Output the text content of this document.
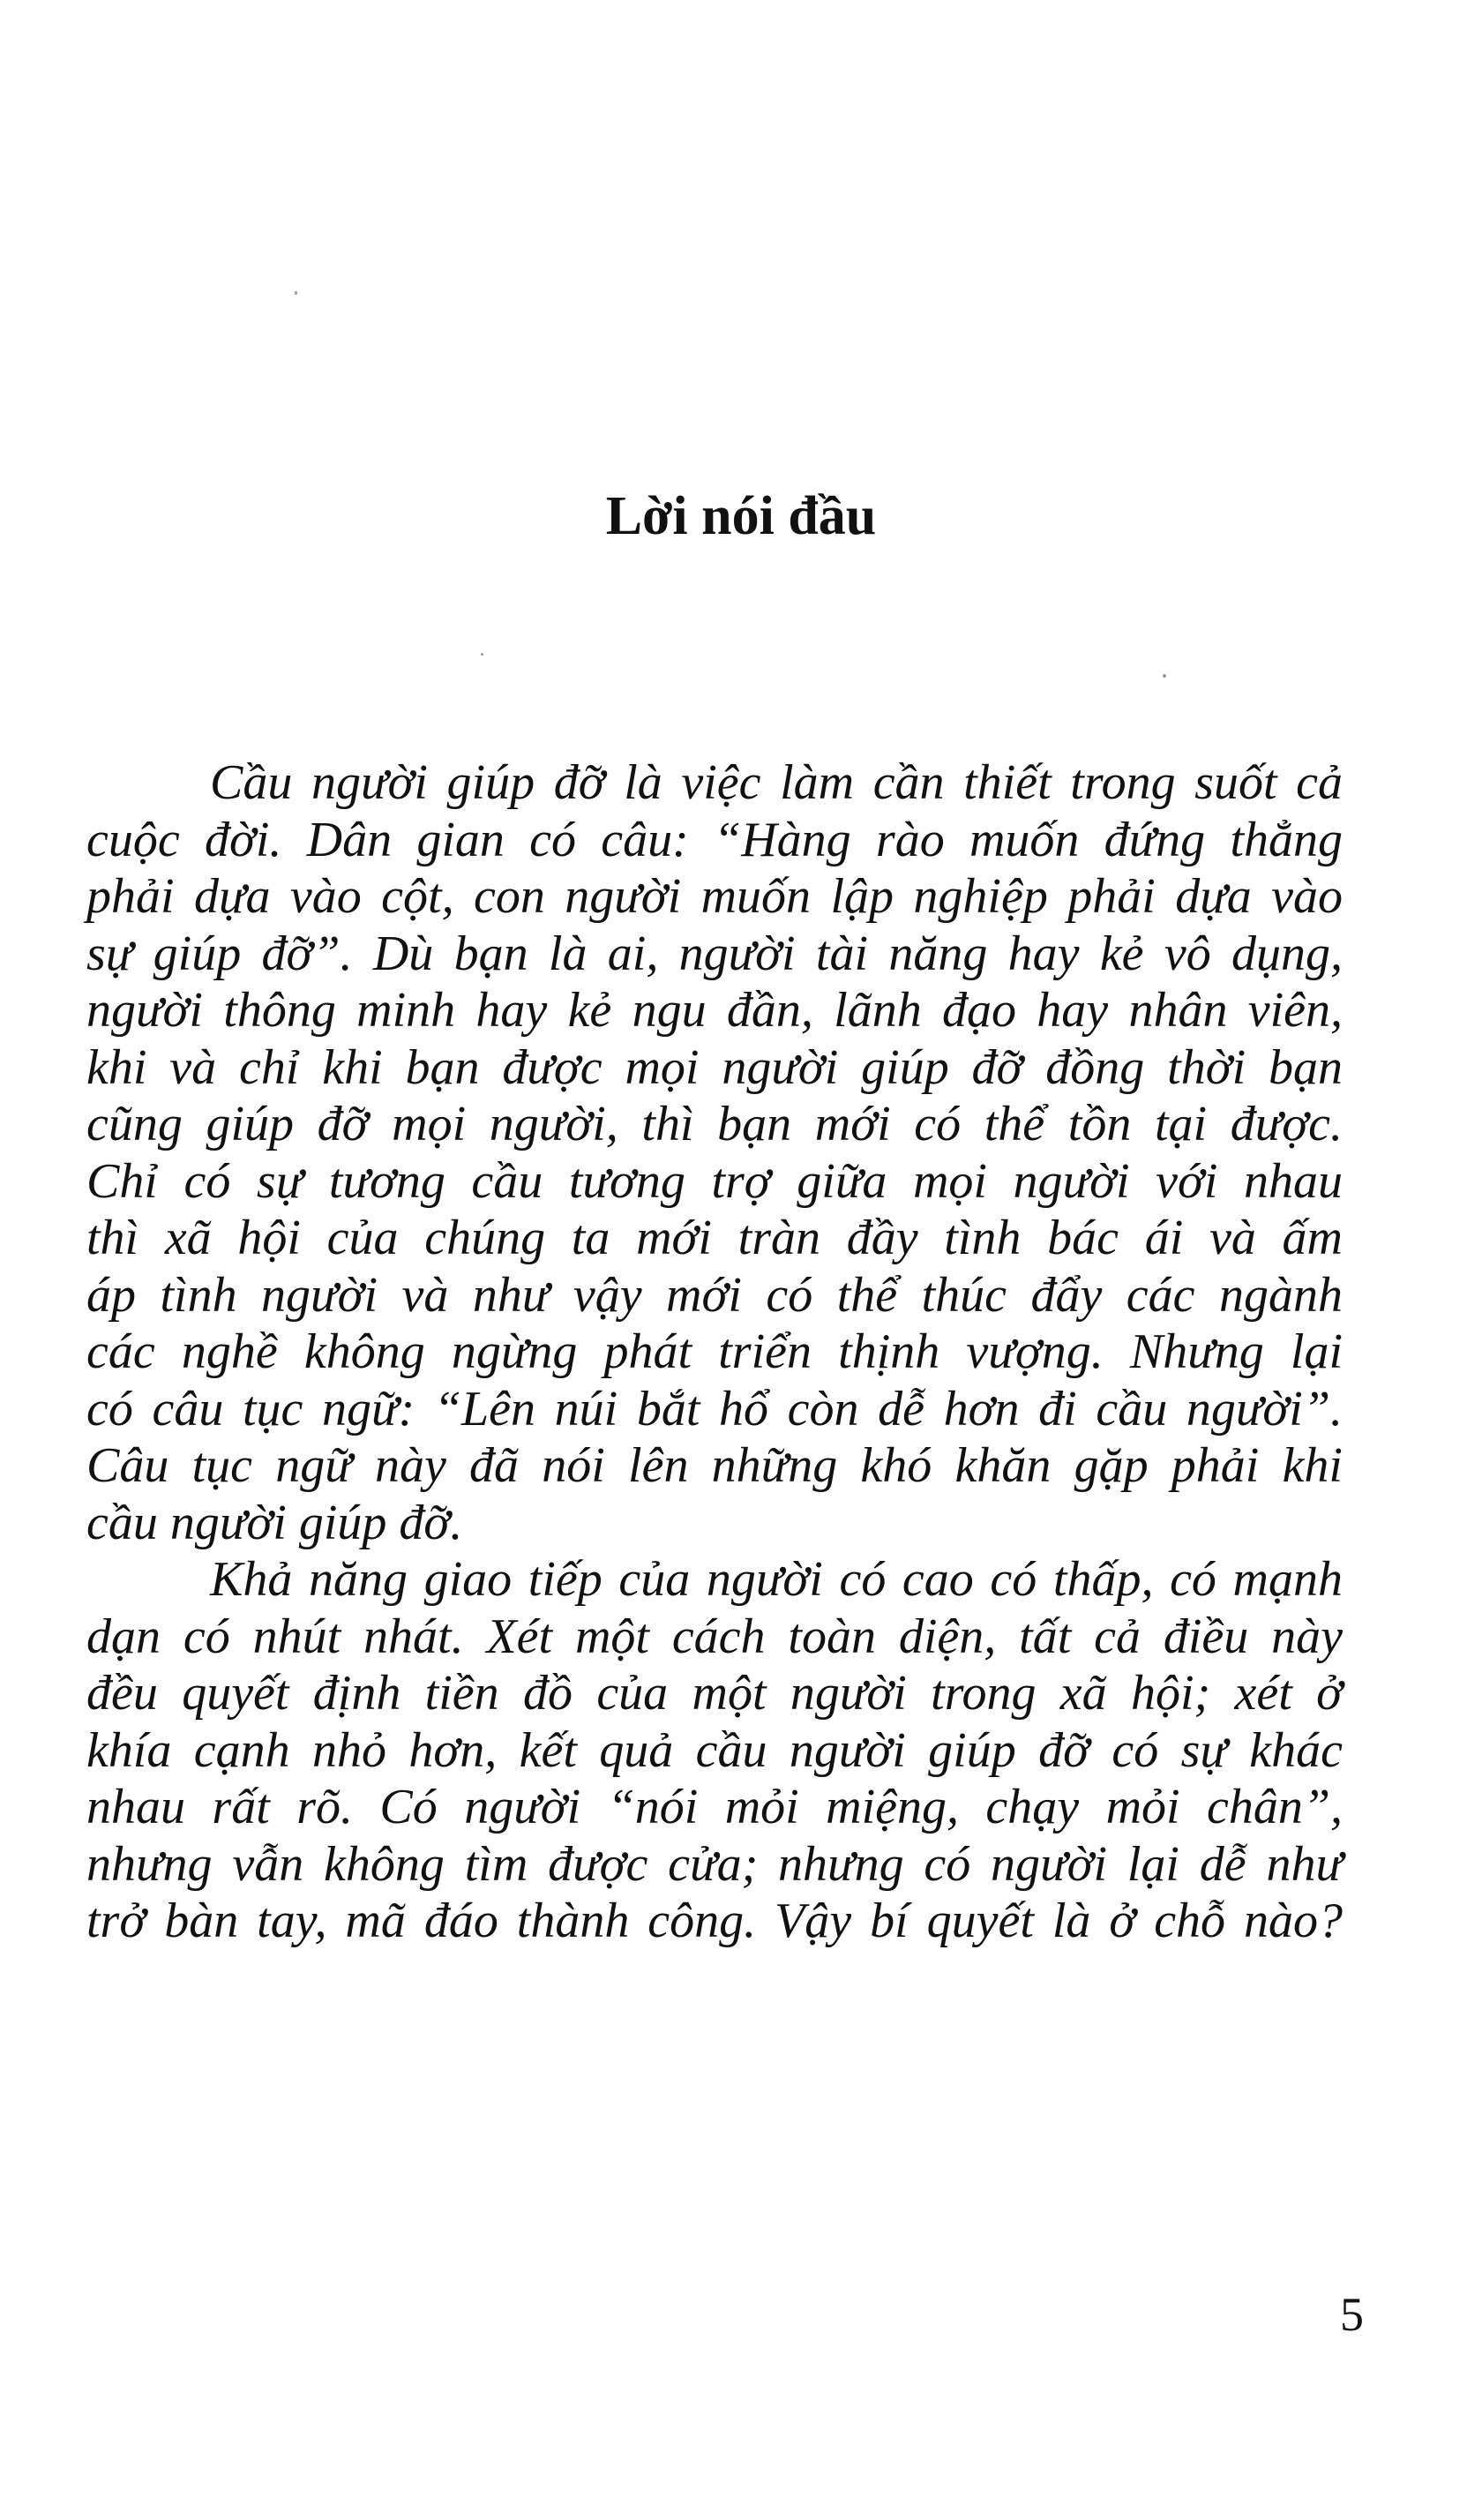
Lời nói đầu
Cầu người giúp đỡ là việc làm cần thiết trong suốt cả
cuộc đời. Dân gian có câu: “Hàng rào muốn đứng thẳng
phải dựa vào cột, con người muốn lập nghiệp phải dựa vào
sự giúp đỡ”. Dù bạn là ai, người tài năng hay kẻ vô dụng,
người thông minh hay kẻ ngu đần, lãnh đạo hay nhân viên,
khi và chỉ khi bạn được mọi người giúp đỡ đồng thời bạn
cũng giúp đỡ mọi người, thì bạn mới có thể tồn tại được.
Chỉ có sự tương cầu tương trợ giữa mọi người với nhau
thì xã hội của chúng ta mới tràn đầy tình bác ái và ấm
áp tình người và như vậy mới có thể thúc đẩy các ngành
các nghề không ngừng phát triển thịnh vượng. Nhưng lại
có câu tục ngữ: “Lên núi bắt hổ còn dễ hơn đi cầu người”.
Câu tục ngữ này đã nói lên những khó khăn gặp phải khi
cầu người giúp đỡ.
Khả năng giao tiếp của người có cao có thấp, có mạnh
dạn có nhút nhát. Xét một cách toàn diện, tất cả điều này
đều quyết định tiền đồ của một người trong xã hội; xét ở
khía cạnh nhỏ hơn, kết quả cầu người giúp đỡ có sự khác
nhau rất rõ. Có người “nói mỏi miệng, chạy mỏi chân”,
nhưng vẫn không tìm được cửa; nhưng có người lại dễ như
trở bàn tay, mã đáo thành công. Vậy bí quyết là ở chỗ nào?
5
